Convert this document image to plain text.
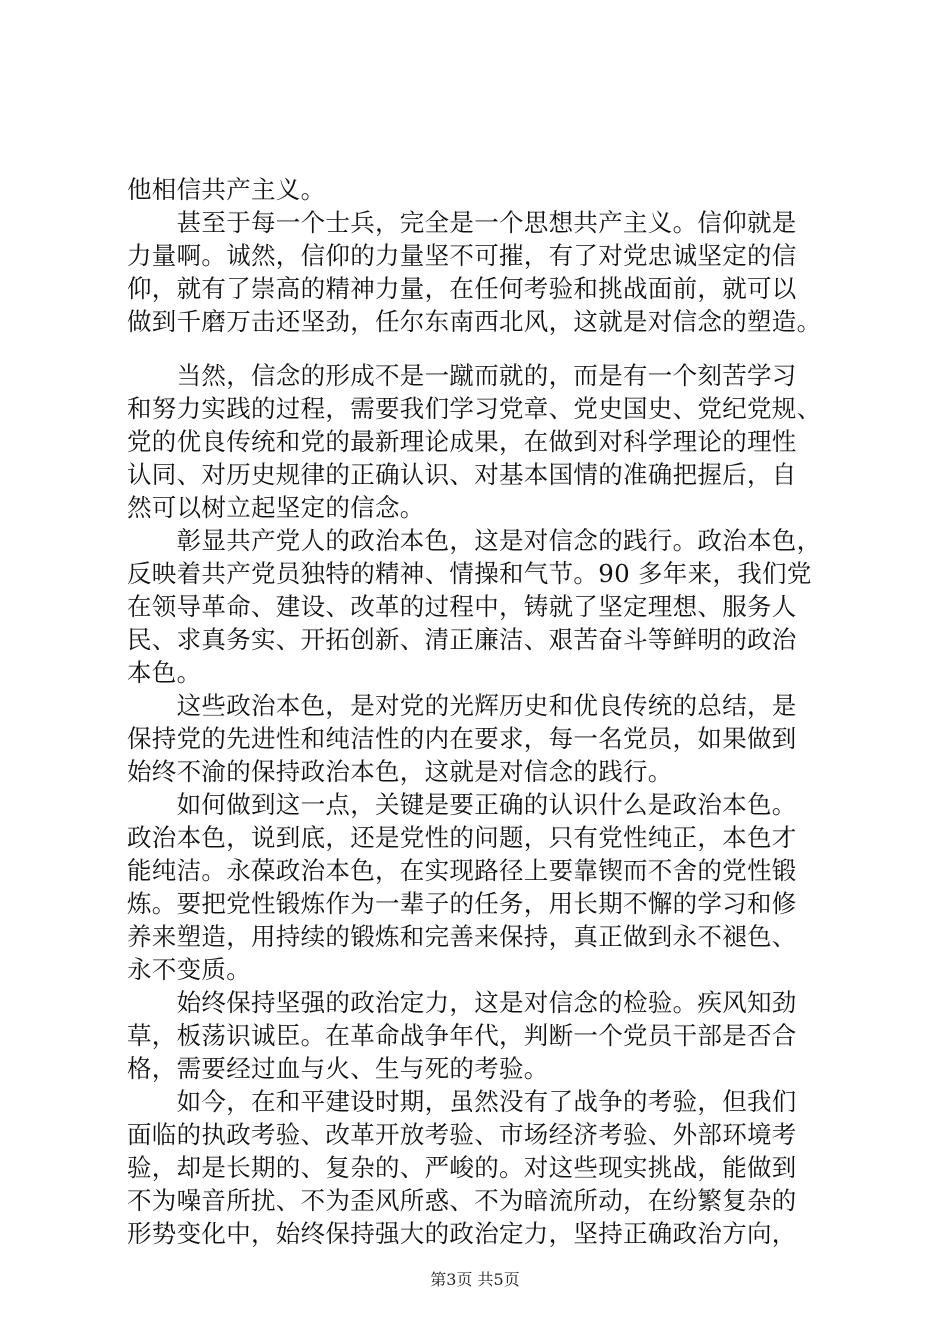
他相信共产主义。
　　甚至于每一个士兵，完全是一个思想共产主义。信仰就是
力量啊。诚然，信仰的力量坚不可摧，有了对党忠诚坚定的信
仰，就有了崇高的精神力量，在任何考验和挑战面前，就可以
做到千磨万击还坚劲，任尔东南西北风，这就是对信念的塑造。
　　当然，信念的形成不是一蹴而就的，而是有一个刻苦学习
和努力实践的过程，需要我们学习党章、党史国史、党纪党规、
党的优良传统和党的最新理论成果，在做到对科学理论的理性
认同、对历史规律的正确认识、对基本国情的准确把握后，自
然可以树立起坚定的信念。
　　彰显共产党人的政治本色，这是对信念的践行。政治本色，
反映着共产党员独特的精神、情操和气节。90 多年来，我们党
在领导革命、建设、改革的过程中，铸就了坚定理想、服务人
民、求真务实、开拓创新、清正廉洁、艰苦奋斗等鲜明的政治
本色。
　　这些政治本色，是对党的光辉历史和优良传统的总结，是
保持党的先进性和纯洁性的内在要求，每一名党员，如果做到
始终不渝的保持政治本色，这就是对信念的践行。
　　如何做到这一点，关键是要正确的认识什么是政治本色。
政治本色，说到底，还是党性的问题，只有党性纯正，本色才
能纯洁。永葆政治本色，在实现路径上要靠锲而不舍的党性锻
炼。要把党性锻炼作为一辈子的任务，用长期不懈的学习和修
养来塑造，用持续的锻炼和完善来保持，真正做到永不褪色、
永不变质。
　　始终保持坚强的政治定力，这是对信念的检验。疾风知劲
草，板荡识诚臣。在革命战争年代，判断一个党员干部是否合
格，需要经过血与火、生与死的考验。
　　如今，在和平建设时期，虽然没有了战争的考验，但我们
面临的执政考验、改革开放考验、市场经济考验、外部环境考
验，却是长期的、复杂的、严峻的。对这些现实挑战，能做到
不为噪音所扰、不为歪风所惑、不为暗流所动，在纷繁复杂的
形势变化中，始终保持强大的政治定力，坚持正确政治方向，
第3页 共5页
